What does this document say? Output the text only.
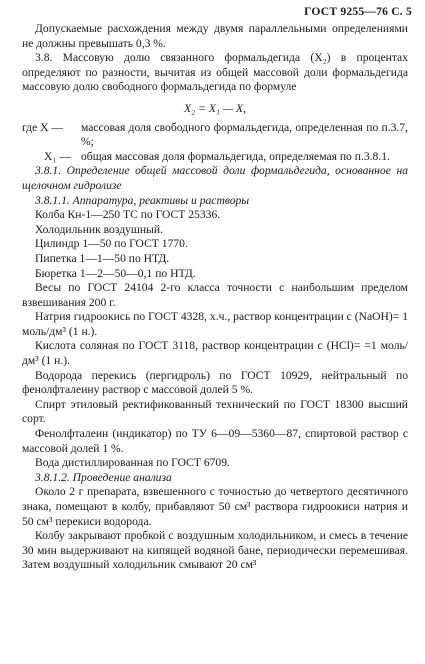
ГОСТ 9255—76 С. 5

Допускаемые расхождения между двумя параллельными определениями не должны превышать 0,3 %.

3.8. Массовую долю связанного формальдегида (X₂) в процентах определяют по разности, вычитая из общей массовой доли формальдегида массовую долю свободного формальдегида по формуле

X₂ = X₁ — X,

где X —	массовая доля свободного формальдегида, определенная по п.3.7, %;
X₁ — общая массовая доля формальдегида, определяемая по п.3.8.1.

3.8.1. Определение общей массовой доли формальдегида, основанное на щелочном гидролизе

3.8.1.1. Аппаратура, реактивы и растворы

Колба Кн-1—250 ТС по ГОСТ 25336.

Холодильник воздушный.

Цилиндр 1—50 по ГОСТ 1770.

Пипетка 1—1—50 по НТД.

Бюретка 1—2—50—0,1 по НТД.

Весы по ГОСТ 24104 2-го класса точности с наибольшим пределом взвешивания 200 г.

Натрия гидроокись по ГОСТ 4328, х.ч., раствор концентрации c (NaOH)= 1 моль/дм³ (1 н.).

Кислота соляная по ГОСТ 3118, раствор концентрации c (HCl)= =1 моль/дм³ (1 н.).

Водорода перекись (пергидроль) по ГОСТ 10929, нейтральный по фенолфталеину раствор с массовой долей 5 %.

Спирт этиловый ректификованный технический по ГОСТ 18300 высший сорт.

Фенолфталеин (индикатор) по ТУ 6—09—5360—87, спиртовой раствор с массовой долей 1 %.

Вода дистиллированная по ГОСТ 6709.

3.8.1.2. Проведение анализа

Около 2 г препарата, взвешенного с точностью до четвертого десятичного знака, помещают в колбу, прибавляют 50 см³ раствора гидроокиси натрия и 50 см³ перекиси водорода.

Колбу закрывают пробкой с воздушным холодильником, и смесь в течение 30 мин выдерживают на кипящей водяной бане, периодически перемешивая. Затем воздушный холодильник смывают 20 см³
